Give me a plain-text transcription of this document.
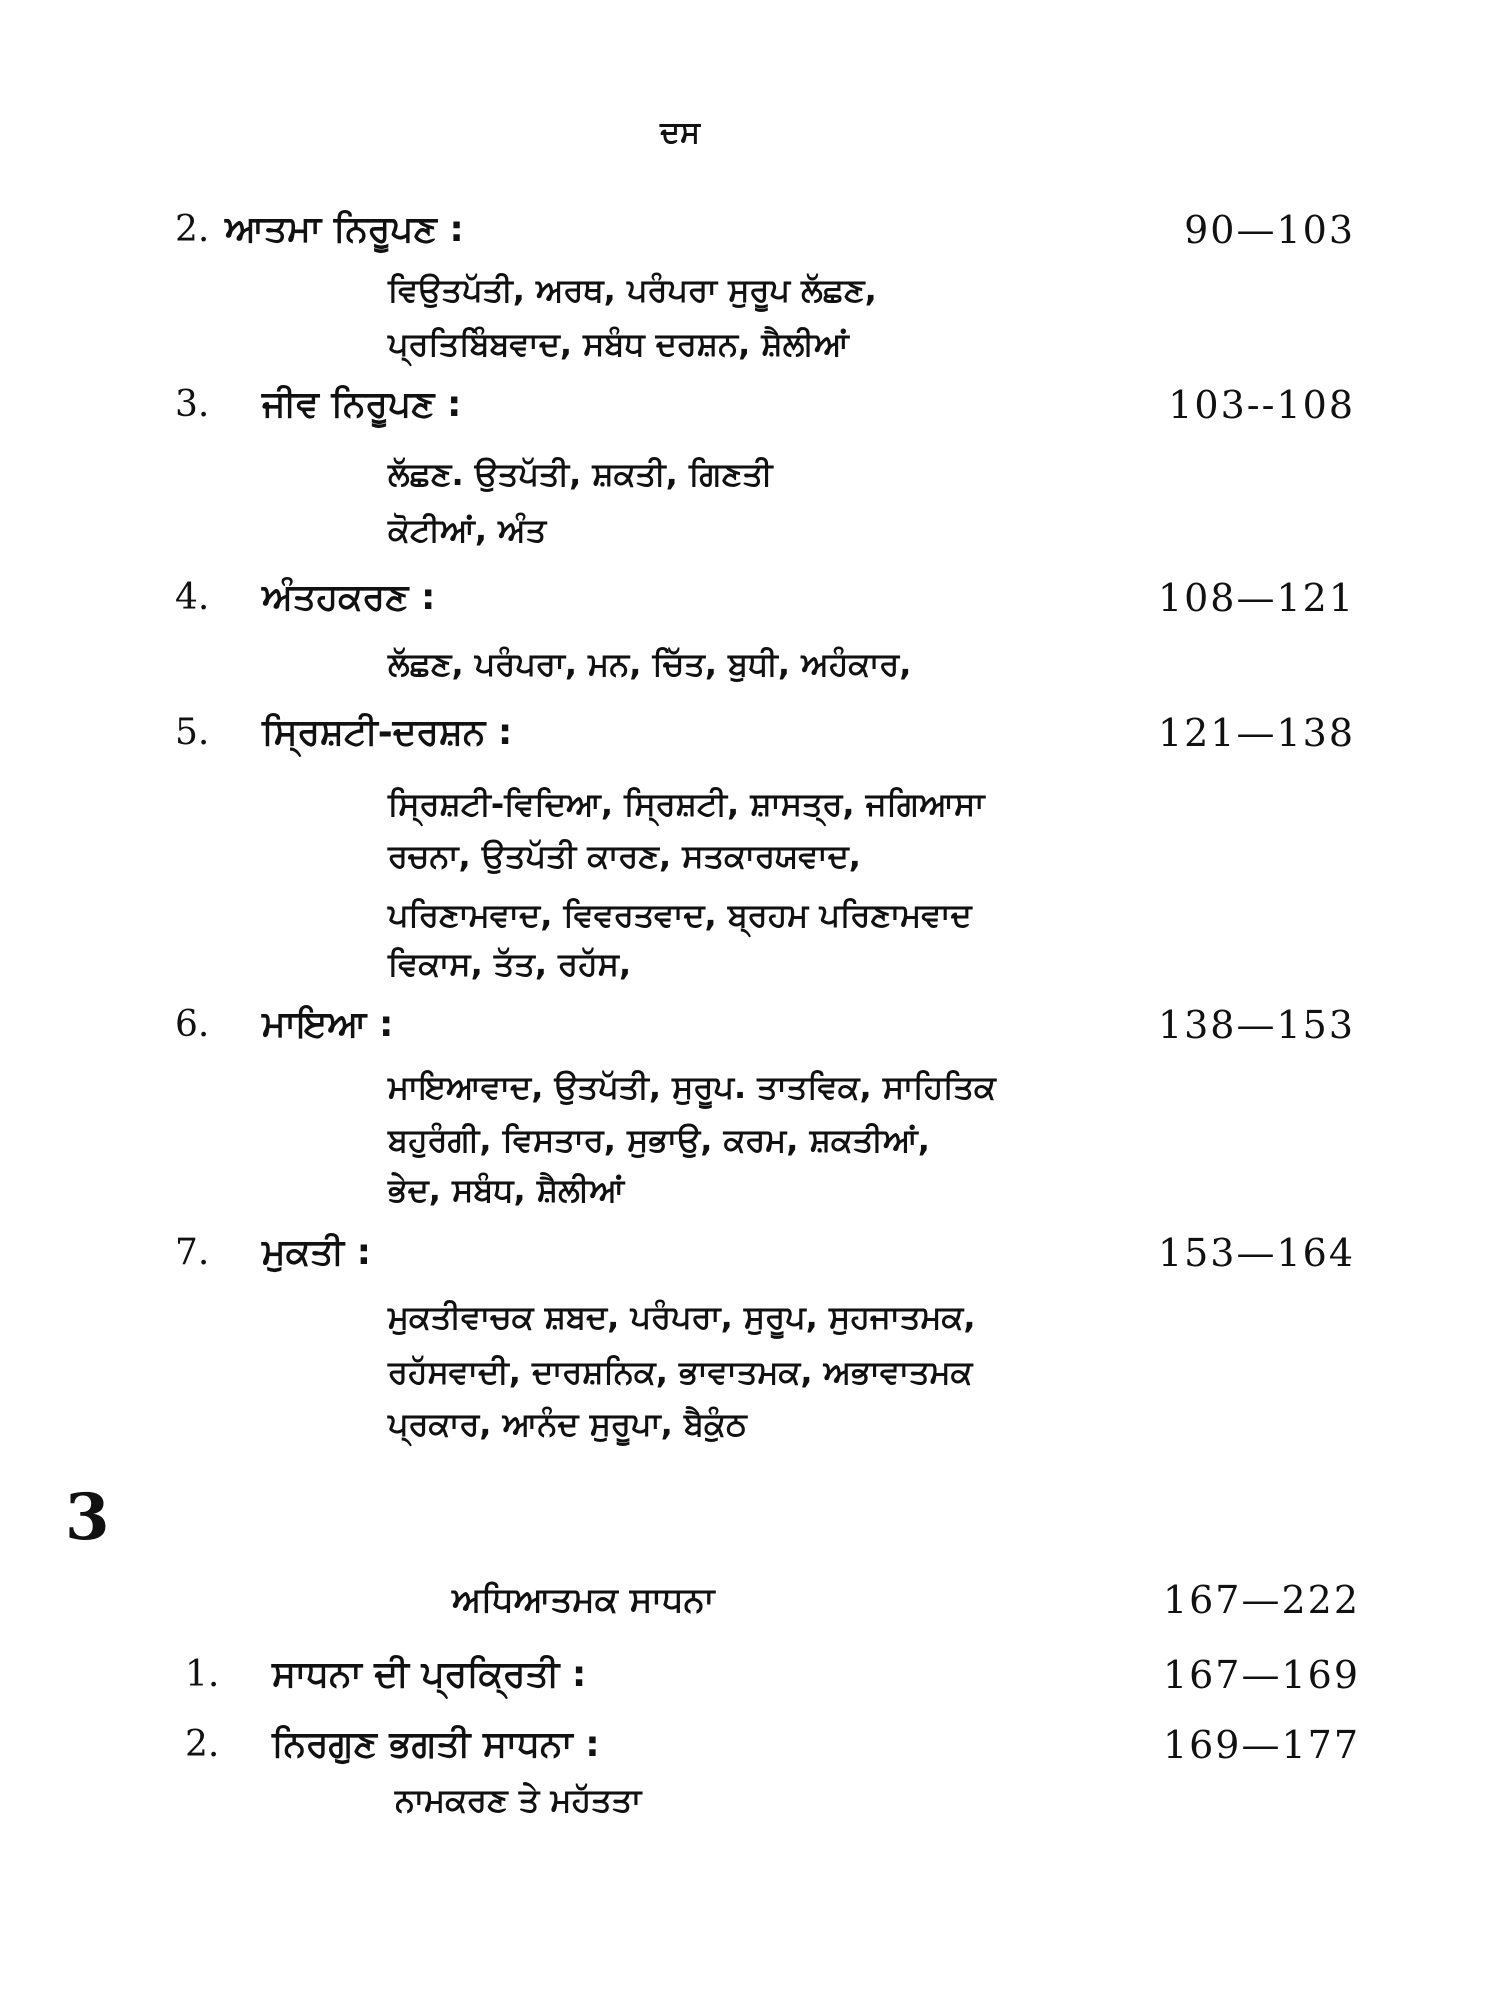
ਦਸ
2. ਆਤਮਾ ਨਿਰੂਪਣ :	90—103
ਵਿਉਤਪੱਤੀ, ਅਰਥ, ਪਰੰਪਰਾ ਸੁਰੂਪ ਲੱਛਣ,
ਪ੍ਰਤਿਬਿੰਬਵਾਦ, ਸਬੰਧ ਦਰਸ਼ਨ, ਸ਼ੈਲੀਆਂ
3. ਜੀਵ ਨਿਰੂਪਣ :	103--108
ਲੱਛਣ. ਉਤਪੱਤੀ, ਸ਼ਕਤੀ, ਗਿਣਤੀ
ਕੋਟੀਆਂ, ਅੰਤ
4. ਅੰਤਹਕਰਣ :	108—121
ਲੱਛਣ, ਪਰੰਪਰਾ, ਮਨ, ਚਿੱਤ, ਬੁਧੀ, ਅਹੰਕਾਰ,
5. ਸ੍ਰਿਸ਼ਟੀ-ਦਰਸ਼ਨ :	121—138
ਸ੍ਰਿਸ਼ਟੀ-ਵਿਦਿਆ, ਸ੍ਰਿਸ਼ਟੀ, ਸ਼ਾਸਤ੍ਰ, ਜਗਿਆਸਾ
ਰਚਨਾ, ਉਤਪੱਤੀ ਕਾਰਣ, ਸਤਕਾਰਯਵਾਦ,
ਪਰਿਣਾਮਵਾਦ, ਵਿਵਰਤਵਾਦ, ਬ੍ਰਹਮ ਪਰਿਣਾਮਵਾਦ
ਵਿਕਾਸ, ਤੱਤ, ਰਹੱਸ,
6. ਮਾਇਆ :	138—153
ਮਾਇਆਵਾਦ, ਉਤਪੱਤੀ, ਸੁਰੂਪ. ਤਾਤਵਿਕ, ਸਾਹਿਤਿਕ
ਬਹੁਰੰਗੀ, ਵਿਸਤਾਰ, ਸੁਭਾਉ, ਕਰਮ, ਸ਼ਕਤੀਆਂ,
ਭੇਦ, ਸਬੰਧ, ਸ਼ੈਲੀਆਂ
7. ਮੁਕਤੀ :	153—164
ਮੁਕਤੀਵਾਚਕ ਸ਼ਬਦ, ਪਰੰਪਰਾ, ਸੁਰੂਪ, ਸੁਹਜਾਤਮਕ,
ਰਹੱਸਵਾਦੀ, ਦਾਰਸ਼ਨਿਕ, ਭਾਵਾਤਮਕ, ਅਭਾਵਾਤਮਕ
ਪ੍ਰਕਾਰ, ਆਨੰਦ ਸੁਰੂਪਾ, ਬੈਕੁੰਠ
3
ਅਧਿਆਤਮਕ ਸਾਧਨਾ	167—222
1. ਸਾਧਨਾ ਦੀ ਪ੍ਰਕ੍ਰਿਤੀ :	167—169
2. ਨਿਰਗੁਣ ਭਗਤੀ ਸਾਧਨਾ :	169—177
ਨਾਮਕਰਣ ਤੇ ਮਹੱਤਤਾ
